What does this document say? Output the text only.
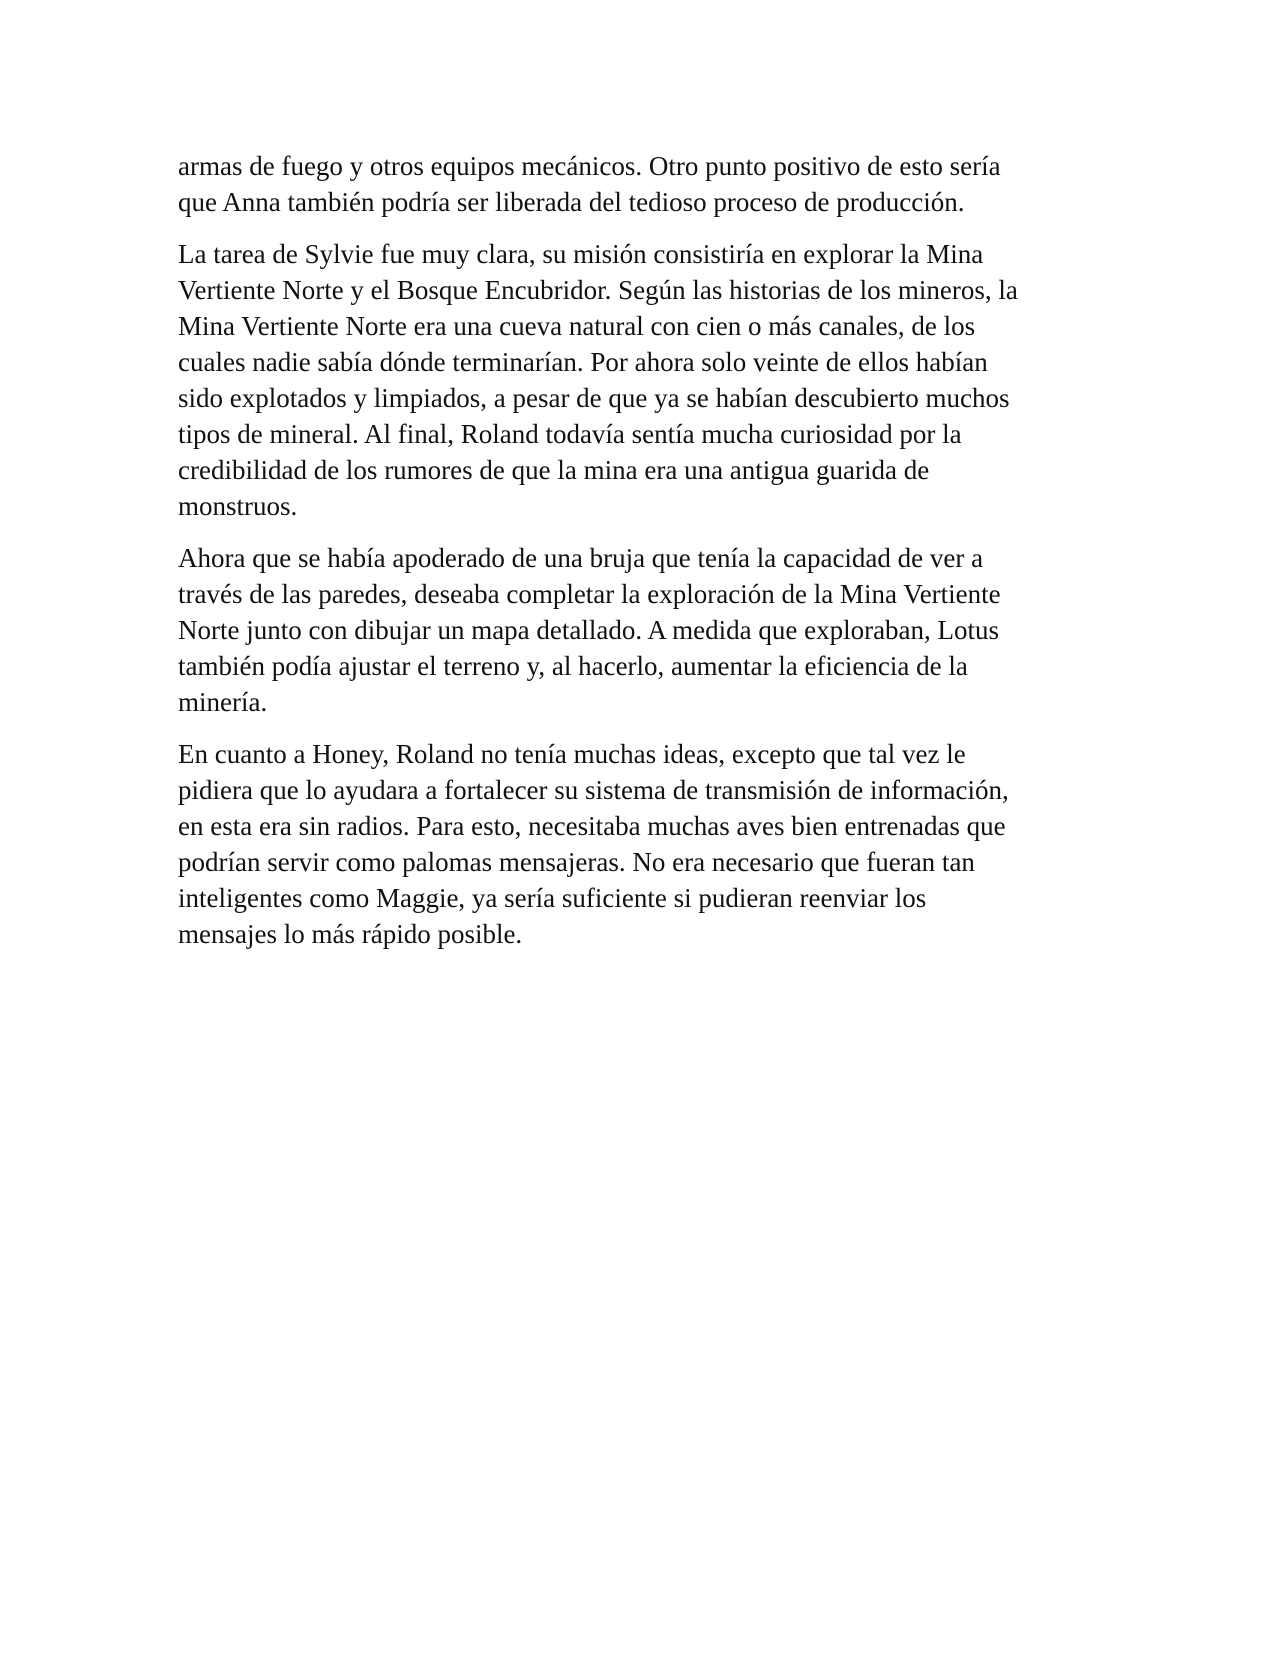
armas de fuego y otros equipos mecánicos. Otro punto positivo de esto sería
que Anna también podría ser liberada del tedioso proceso de producción.

La tarea de Sylvie fue muy clara, su misión consistiría en explorar la Mina
Vertiente Norte y el Bosque Encubridor. Según las historias de los mineros, la
Mina Vertiente Norte era una cueva natural con cien o más canales, de los
cuales nadie sabía dónde terminarían. Por ahora solo veinte de ellos habían
sido explotados y limpiados, a pesar de que ya se habían descubierto muchos
tipos de mineral. Al final, Roland todavía sentía mucha curiosidad por la
credibilidad de los rumores de que la mina era una antigua guarida de
monstruos.

Ahora que se había apoderado de una bruja que tenía la capacidad de ver a
través de las paredes, deseaba completar la exploración de la Mina Vertiente
Norte junto con dibujar un mapa detallado. A medida que exploraban, Lotus
también podía ajustar el terreno y, al hacerlo, aumentar la eficiencia de la
minería.

En cuanto a Honey, Roland no tenía muchas ideas, excepto que tal vez le
pidiera que lo ayudara a fortalecer su sistema de transmisión de información,
en esta era sin radios. Para esto, necesitaba muchas aves bien entrenadas que
podrían servir como palomas mensajeras. No era necesario que fueran tan
inteligentes como Maggie, ya sería suficiente si pudieran reenviar los
mensajes lo más rápido posible.
